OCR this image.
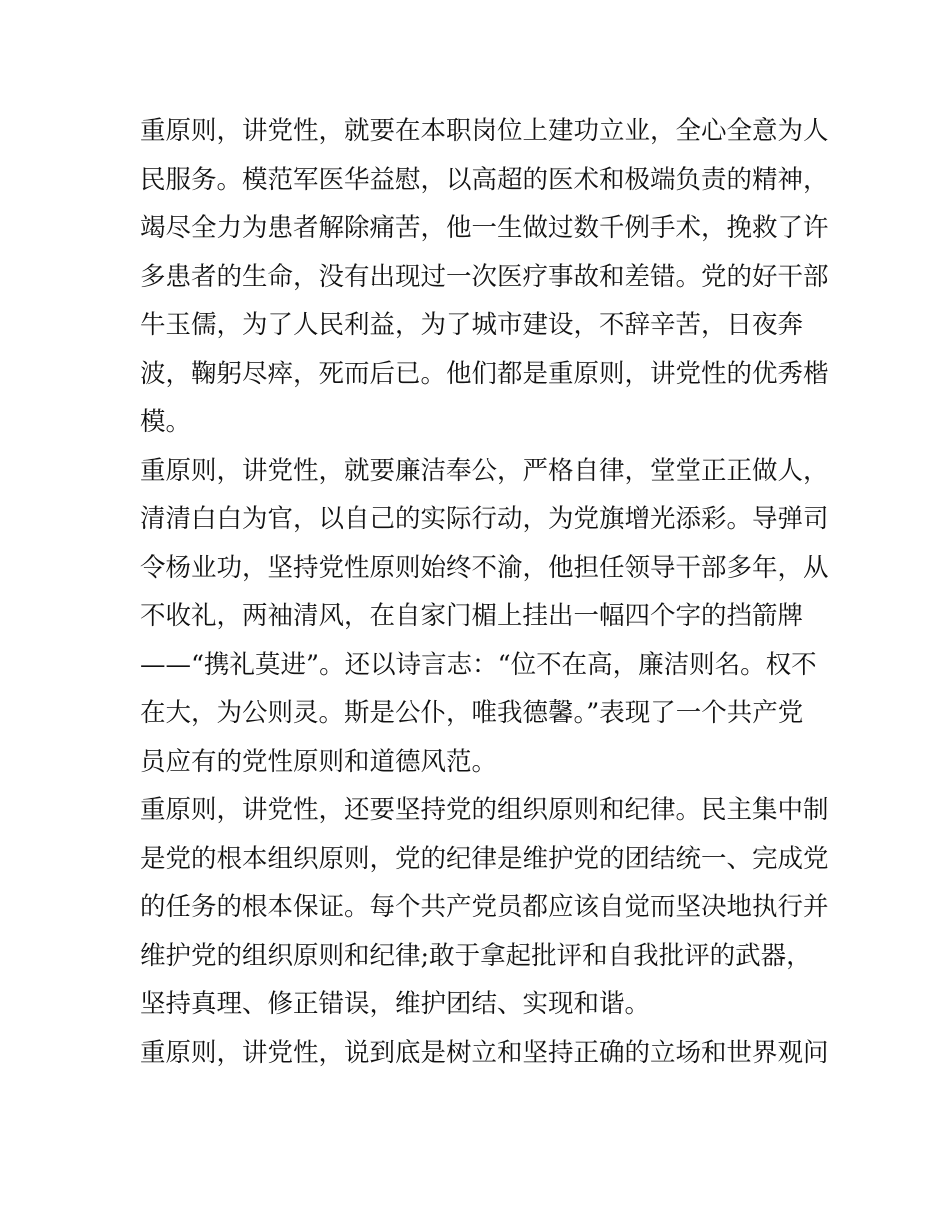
重原则，讲党性，就要在本职岗位上建功立业，全心全意为人
民服务。模范军医华益慰，以高超的医术和极端负责的精神，
竭尽全力为患者解除痛苦，他一生做过数千例手术，挽救了许
多患者的生命，没有出现过一次医疗事故和差错。党的好干部
牛玉儒，为了人民利益，为了城市建设，不辞辛苦，日夜奔
波，鞠躬尽瘁，死而后已。他们都是重原则，讲党性的优秀楷
模。
重原则，讲党性，就要廉洁奉公，严格自律，堂堂正正做人，
清清白白为官，以自己的实际行动，为党旗增光添彩。导弹司
令杨业功，坚持党性原则始终不渝，他担任领导干部多年，从
不收礼，两袖清风，在自家门楣上挂出一幅四个字的挡箭牌
——“携礼莫进”。还以诗言志：“位不在高，廉洁则名。权不
在大，为公则灵。斯是公仆，唯我德馨。”表现了一个共产党
员应有的党性原则和道德风范。
重原则，讲党性，还要坚持党的组织原则和纪律。民主集中制
是党的根本组织原则，党的纪律是维护党的团结统一、完成党
的任务的根本保证。每个共产党员都应该自觉而坚决地执行并
维护党的组织原则和纪律;敢于拿起批评和自我批评的武器，
坚持真理、修正错误，维护团结、实现和谐。
重原则，讲党性，说到底是树立和坚持正确的立场和世界观问
